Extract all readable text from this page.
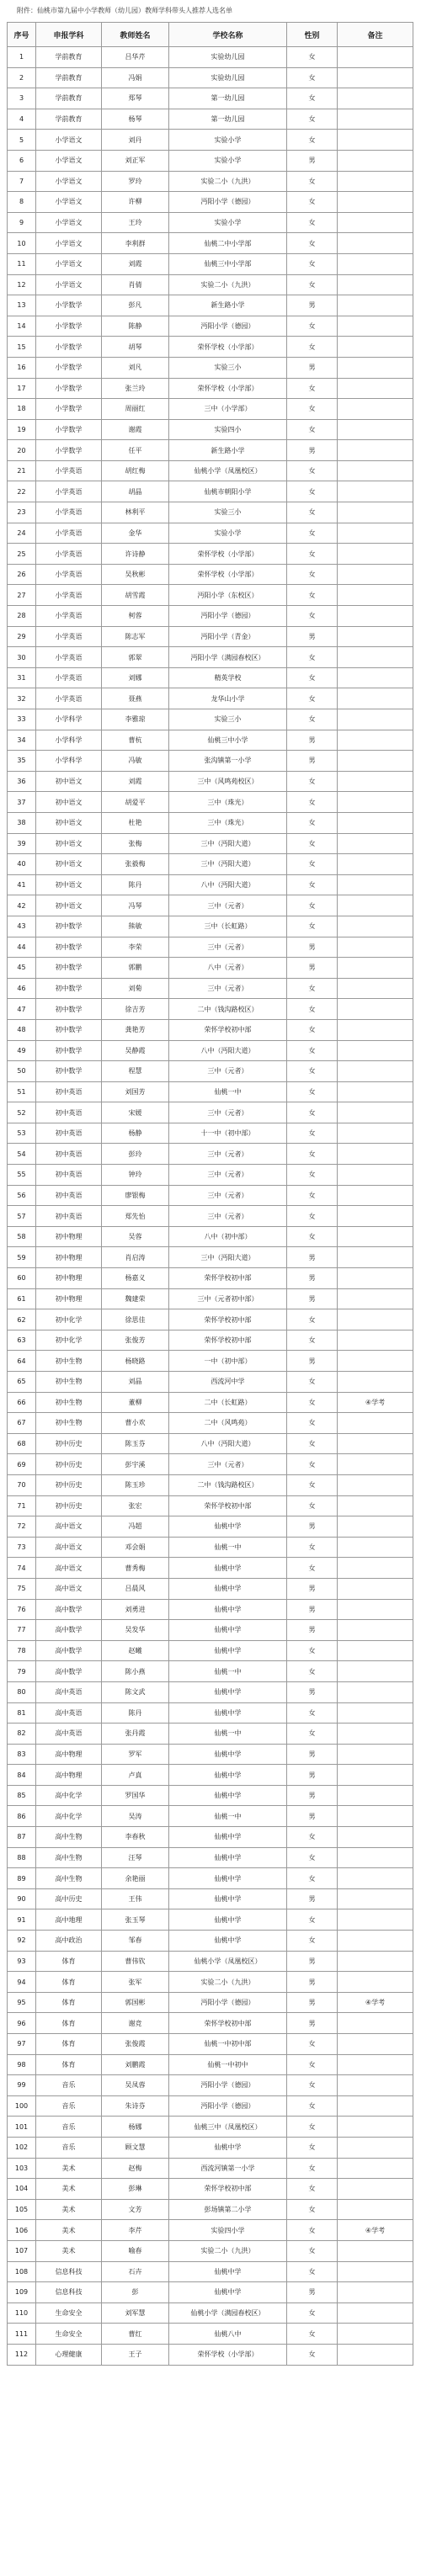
附件：仙桃市第九届中小学教师（幼儿园）教师学科带头人推荐人选名单
序号	申报学科	教师姓名	学校名称	性别	备注
1	学前教育	吕华芹	实验幼儿园	女	
2	学前教育	冯娟	实验幼儿园	女	
3	学前教育	郑琴	第一幼儿园	女	
4	学前教育	杨琴	第一幼儿园	女	
5	小学语文	刘丹	实验小学	女	
6	小学语文	刘正军	实验小学	男	
7	小学语文	罗玲	实验二小（九洪）	女	
8	小学语文	许柳	沔阳小学（德园）	女	
9	小学语文	王玲	实验小学	女	
10	小学语文	李利群	仙桃二中小学部	女	
11	小学语文	刘霞	仙桃三中小学部	女	
12	小学语文	肖倩	实验二小（九洪）	女	
13	小学数学	彭凡	新生路小学	男	
14	小学数学	陈静	沔阳小学（德园）	女	
15	小学数学	胡琴	荣怀学校（小学部）	女	
16	小学数学	刘凡	实验三小	男	
17	小学数学	张兰玲	荣怀学校（小学部）	女	
18	小学数学	周丽红	三中（小学部）	女	
19	小学数学	谢霞	实验四小	女	
20	小学数学	任平	新生路小学	男	
21	小学英语	胡红梅	仙桃小学（凤凰校区）	女	
22	小学英语	胡晶	仙桃市朝阳小学	女	
23	小学英语	林利平	实验三小	女	
24	小学英语	金华	实验小学	女	
25	小学英语	许诗静	荣怀学校（小学部）	女	
26	小学英语	吴秋彬	荣怀学校（小学部）	女	
27	小学英语	胡雪霞	沔阳小学（东校区）	女	
28	小学英语	柯蓉	沔阳小学（德园）	女	
29	小学英语	陈志军	沔阳小学（青金）	男	
30	小学英语	郭翠	沔阳小学（满园春校区）	女	
31	小学英语	刘娜	精英学校	女	
32	小学英语	聂燕	龙华山小学	女	
33	小学科学	李雅琼	实验三小	女	
34	小学科学	曹杭	仙桃三中小学	男	
35	小学科学	冯敏	张沟镇第一小学	男	
36	初中语文	刘霞	三中（风鸣苑校区）	女	
37	初中语文	胡爱平	三中（珠光）	女	
38	初中语文	杜艳	三中（珠光）	女	
39	初中语文	张梅	三中（沔阳大道）	女	
40	初中语文	张毅梅	三中（沔阳大道）	女	
41	初中语文	陈丹	八中（沔阳大道）	女	
42	初中语文	冯琴	三中（元者）	女	
43	初中数学	熊敏	三中（长虹路）	女	
44	初中数学	李荣	三中（元者）	男	
45	初中数学	郭鹏	八中（元者）	男	
46	初中数学	刘菊	三中（元者）	女	
47	初中数学	徐吉芳	二中（钱沟路校区）	女	
48	初中数学	龚艳芳	荣怀学校初中部	女	
49	初中数学	吴静霞	八中（沔阳大道）	女	
50	初中数学	程慧	三中（元者）	女	
51	初中英语	刘国芳	仙桃一中	女	
52	初中英语	宋媛	三中（元者）	女	
53	初中英语	杨静	十一中（初中部）	女	
54	初中英语	彭玲	三中（元者）	女	
55	初中英语	钟玲	三中（元者）	女	
56	初中英语	廖银梅	三中（元者）	女	
57	初中英语	郑先怡	三中（元者）	女	
58	初中物理	吴蓉	八中（初中部）	女	
59	初中物理	肖启涛	三中（沔阳大道）	男	
60	初中物理	杨嘉义	荣怀学校初中部	男	
61	初中物理	魏建荣	三中（元者初中部）	男	
62	初中化学	徐思佳	荣怀学校初中部	女	
63	初中化学	张俊芳	荣怀学校初中部	女	
64	初中生物	杨晓路	一中（初中部）	男	
65	初中生物	刘晶	西流河中学	女	
66	初中生物	董柳	二中（长虹路）	女	④学考
67	初中生物	曹小欢	二中（风鸣苑）	女	
68	初中历史	陈玉芬	八中（沔阳大道）	女	
69	初中历史	彭宇溪	三中（元者）	女	
70	初中历史	陈玉珍	二中（钱沟路校区）	女	
71	初中历史	张宏	荣怀学校初中部	女	
72	高中语文	冯超	仙桃中学	男	
73	高中语文	邓会娟	仙桃一中	女	
74	高中语文	曹秀梅	仙桃中学	女	
75	高中语文	吕晨风	仙桃中学	男	
76	高中数学	刘勇进	仙桃中学	男	
77	高中数学	吴发华	仙桃中学	男	
78	高中数学	赵曦	仙桃中学	女	
79	高中数学	陈小燕	仙桃一中	女	
80	高中英语	陈文武	仙桃中学	男	
81	高中英语	陈丹	仙桃中学	女	
82	高中英语	张丹霞	仙桃一中	女	
83	高中物理	罗军	仙桃中学	男	
84	高中物理	卢真	仙桃中学	男	
85	高中化学	罗国华	仙桃中学	男	
86	高中化学	吴涛	仙桃一中	男	
87	高中生物	李春秋	仙桃中学	女	
88	高中生物	汪琴	仙桃中学	女	
89	高中生物	余艳丽	仙桃中学	女	
90	高中历史	王伟	仙桃中学	男	
91	高中地理	张玉琴	仙桃中学	女	
92	高中政治	邹春	仙桃中学	女	
93	体育	曹伟钦	仙桃小学（凤凰校区）	男	
94	体育	张军	实验二小（九洪）	男	
95	体育	郭国彬	沔阳小学（德园）	男	④学考
96	体育	谢竞	荣怀学校初中部	男	
97	体育	张俊霞	仙桃一中初中部	女	
98	体育	刘鹏霞	仙桃一中初中	女	
99	音乐	吴凤蓉	沔阳小学（德园）	女	
100	音乐	朱诗芬	沔阳小学（德园）	女	
101	音乐	杨娜	仙桃三中（凤凰校区）	女	
102	音乐	顾文慧	仙桃中学	女	
103	美术	赵梅	西流河镇第一小学	女	
104	美术	彭琳	荣怀学校初中部	女	
105	美术	文芳	彭场镇第二小学	女	
106	美术	李芹	实验四小学	女	④学考
107	美术	喻春	实验二小（九洪）	女	
108	信息科技	石卉	仙桃中学	女	
109	信息科技	彭	仙桃中学	男	
110	生命安全	刘军慧	仙桃小学（满园春校区）	女	
111	生命安全	曹红	仙桃八中	女	
112	心理健康	王子	荣怀学校（小学部）	女	
